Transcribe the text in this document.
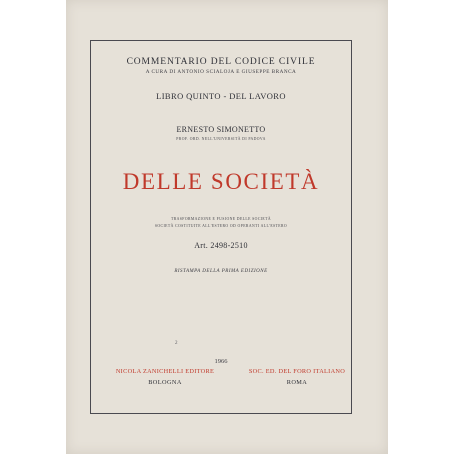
COMMENTARIO DEL CODICE CIVILE
A CURA DI ANTONIO SCIALOJA E GIUSEPPE BRANCA
LIBRO QUINTO - DEL LAVORO
ERNESTO SIMONETTO
PROF. ORD. NELL'UNIVERSITÀ DI PADOVA
DELLE SOCIETÀ
TRASFORMAZIONE E FUSIONE DELLE SOCIETÀ
SOCIETÀ COSTITUITE ALL'ESTERO OD OPERANTI ALL'ESTERO
Art. 2498-2510
RISTAMPA DELLA PRIMA EDIZIONE
2
1966
NICOLA ZANICHELLI EDITORE	SOC. ED. DEL FORO ITALIANO
BOLOGNA	ROMA
